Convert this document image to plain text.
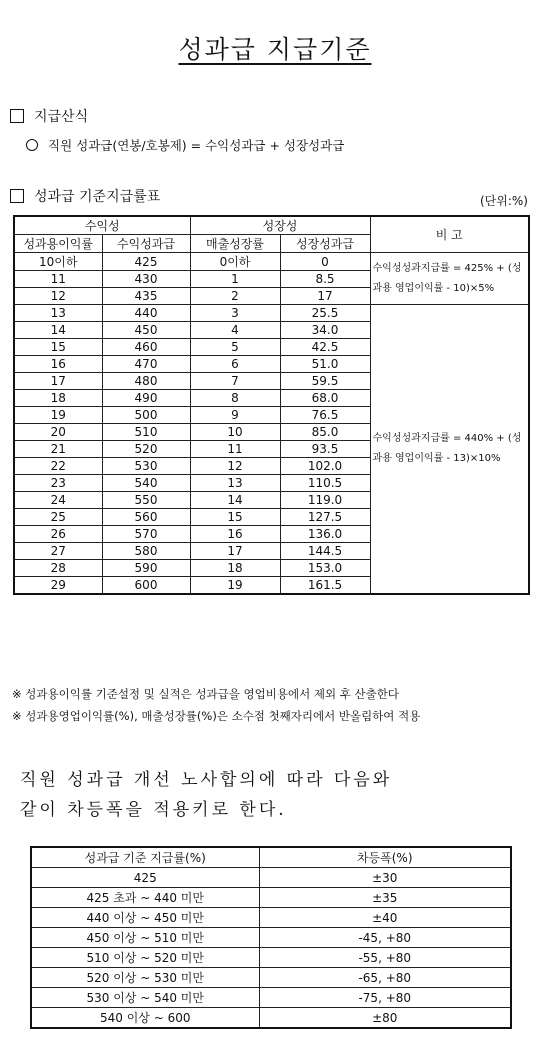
성과급 지급기준
지급산식
직원 성과급(연봉/호봉제) = 수익성과급 + 성장성과급
성과급 기준지급률표	(단위:%)
수익성		성장성		비 고
성과용이익률	수익성과급	매출성장률	성장성과급	
10이하	425	0이하	0	수익성성과지급률 = 425% + (성과용 영업이익률 - 10)×5%
11	430	1	8.5	
12	435	2	17	
13	440	3	25.5	수익성성과지급률 = 440% + (성과용 영업이익률 - 13)×10%
14	450	4	34.0	
15	460	5	42.5	
16	470	6	51.0	
17	480	7	59.5	
18	490	8	68.0	
19	500	9	76.5	
20	510	10	85.0	
21	520	11	93.5	
22	530	12	102.0	
23	540	13	110.5	
24	550	14	119.0	
25	560	15	127.5	
26	570	16	136.0	
27	580	17	144.5	
28	590	18	153.0	
29	600	19	161.5	
※ 성과용이익률 기준설정 및 실적은 성과급을 영업비용에서 제외 후 산출한다
※ 성과용영업이익률(%), 매출성장률(%)은 소수점 첫째자리에서 반올림하여 적용
직원 성과급 개선 노사합의에 따라 다음와
같이 차등폭을 적용키로 한다.
성과급 기준 지급률(%)	차등폭(%)
425	±30
425 초과 ~ 440 미만	±35
440 이상 ~ 450 미만	±40
450 이상 ~ 510 미만	-45, +80
510 이상 ~ 520 미만	-55, +80
520 이상 ~ 530 미만	-65, +80
530 이상 ~ 540 미만	-75, +80
540 이상 ~ 600	±80
